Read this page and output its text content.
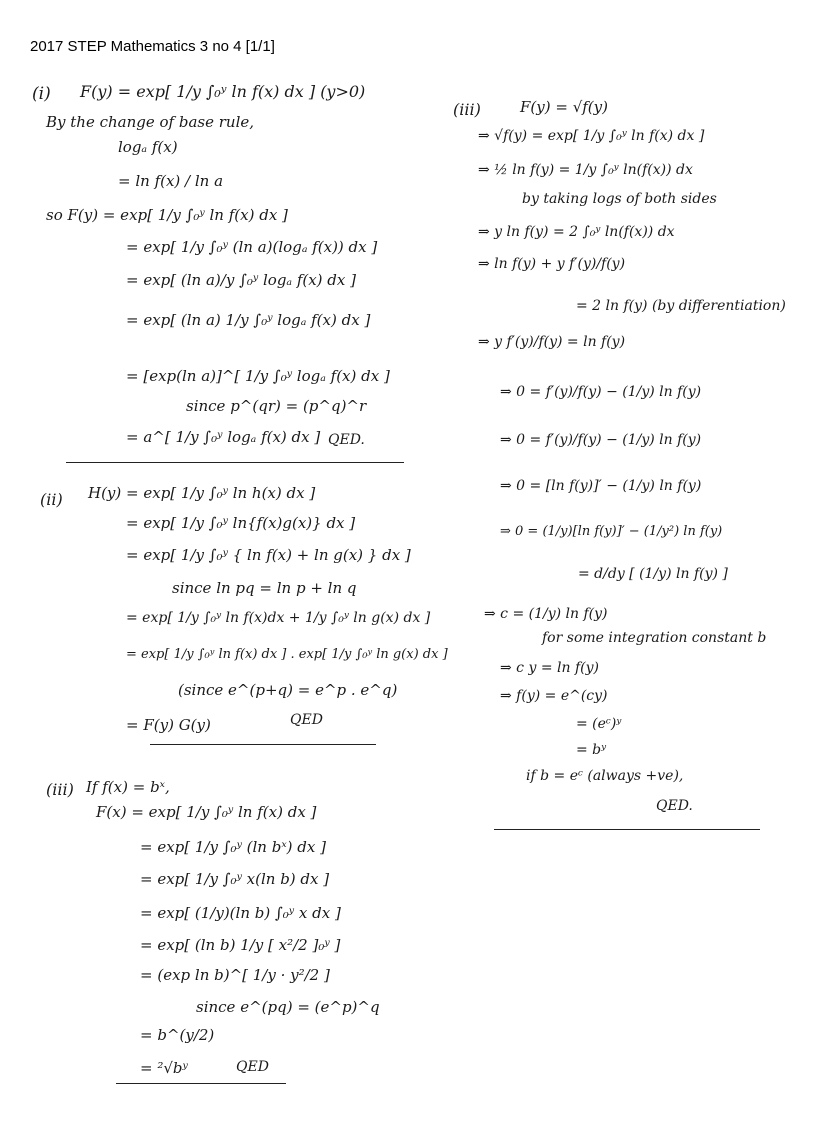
2017 STEP Mathematics 3 no 4 [1/1]
(i) F(y) = exp[ 1/y ∫₀ʸ ln f(x) dx ] (y>0)
By the change of base rule,
logₐ f(x)
= ln f(x) / ln a
so F(y) = exp[ 1/y ∫₀ʸ ln f(x) dx ]
= exp[ 1/y ∫₀ʸ (ln a)(logₐ f(x)) dx ]
= exp[ (ln a)/y ∫₀ʸ logₐ f(x) dx ]
= exp[ (ln a) 1/y ∫₀ʸ logₐ f(x) dx ]
= [exp(ln a)]^[ 1/y ∫₀ʸ logₐ f(x) dx ]
since p^(qr) = (p^q)^r
= a^[ 1/y ∫₀ʸ logₐ f(x) dx ] QED.
(ii) H(y) = exp[ 1/y ∫₀ʸ ln h(x) dx ]
= exp[ 1/y ∫₀ʸ ln{f(x)g(x)} dx ]
= exp[ 1/y ∫₀ʸ { ln f(x) + ln g(x) } dx ]
since ln pq = ln p + ln q
= exp[ 1/y ∫₀ʸ ln f(x)dx + 1/y ∫₀ʸ ln g(x) dx ]
= exp[ 1/y ∫₀ʸ ln f(x) dx ] . exp[ 1/y ∫₀ʸ ln g(x) dx ]
(since e^(p+q) = e^p . e^q)
= F(y) G(y)	QED
(iii) If f(x) = bˣ,
F(x) = exp[ 1/y ∫₀ʸ ln f(x) dx ]
= exp[ 1/y ∫₀ʸ (ln bˣ) dx ]
= exp[ 1/y ∫₀ʸ x(ln b) dx ]
= exp[ (1/y)(ln b) ∫₀ʸ x dx ]
= exp[ (ln b) 1/y [ x²/2 ]₀ʸ ]
= (exp ln b)^[ 1/y · y²/2 ]
since e^(pq) = (e^p)^q
= b^(y/2)
= ²√bʸ	QED
(iii)	F(y) = √f(y)
⇒ √f(y) = exp[ 1/y ∫₀ʸ ln f(x) dx ]
⇒ ½ ln f(y) = 1/y ∫₀ʸ ln(f(x)) dx
by taking logs of both sides
⇒ y ln f(y) = 2 ∫₀ʸ ln(f(x)) dx
⇒ ln f(y) + y f′(y)/f(y)
= 2 ln f(y) (by differentiation)
⇒ y f′(y)/f(y) = ln f(y)
⇒ 0 = f′(y)/f(y) − (1/y) ln f(y)
⇒ 0 = f′(y)/f(y) − (1/y) ln f(y)
⇒ 0 = [ln f(y)]′ − (1/y) ln f(y)
⇒ 0 = (1/y)[ln f(y)]′ − (1/y²) ln f(y)
= d/dy [ (1/y) ln f(y) ]
⇒ c = (1/y) ln f(y)
for some integration constant b
⇒ c y = ln f(y)
⇒ f(y) = e^(cy)
= (eᶜ)ʸ
= bʸ
if b = eᶜ (always +ve),
QED.
